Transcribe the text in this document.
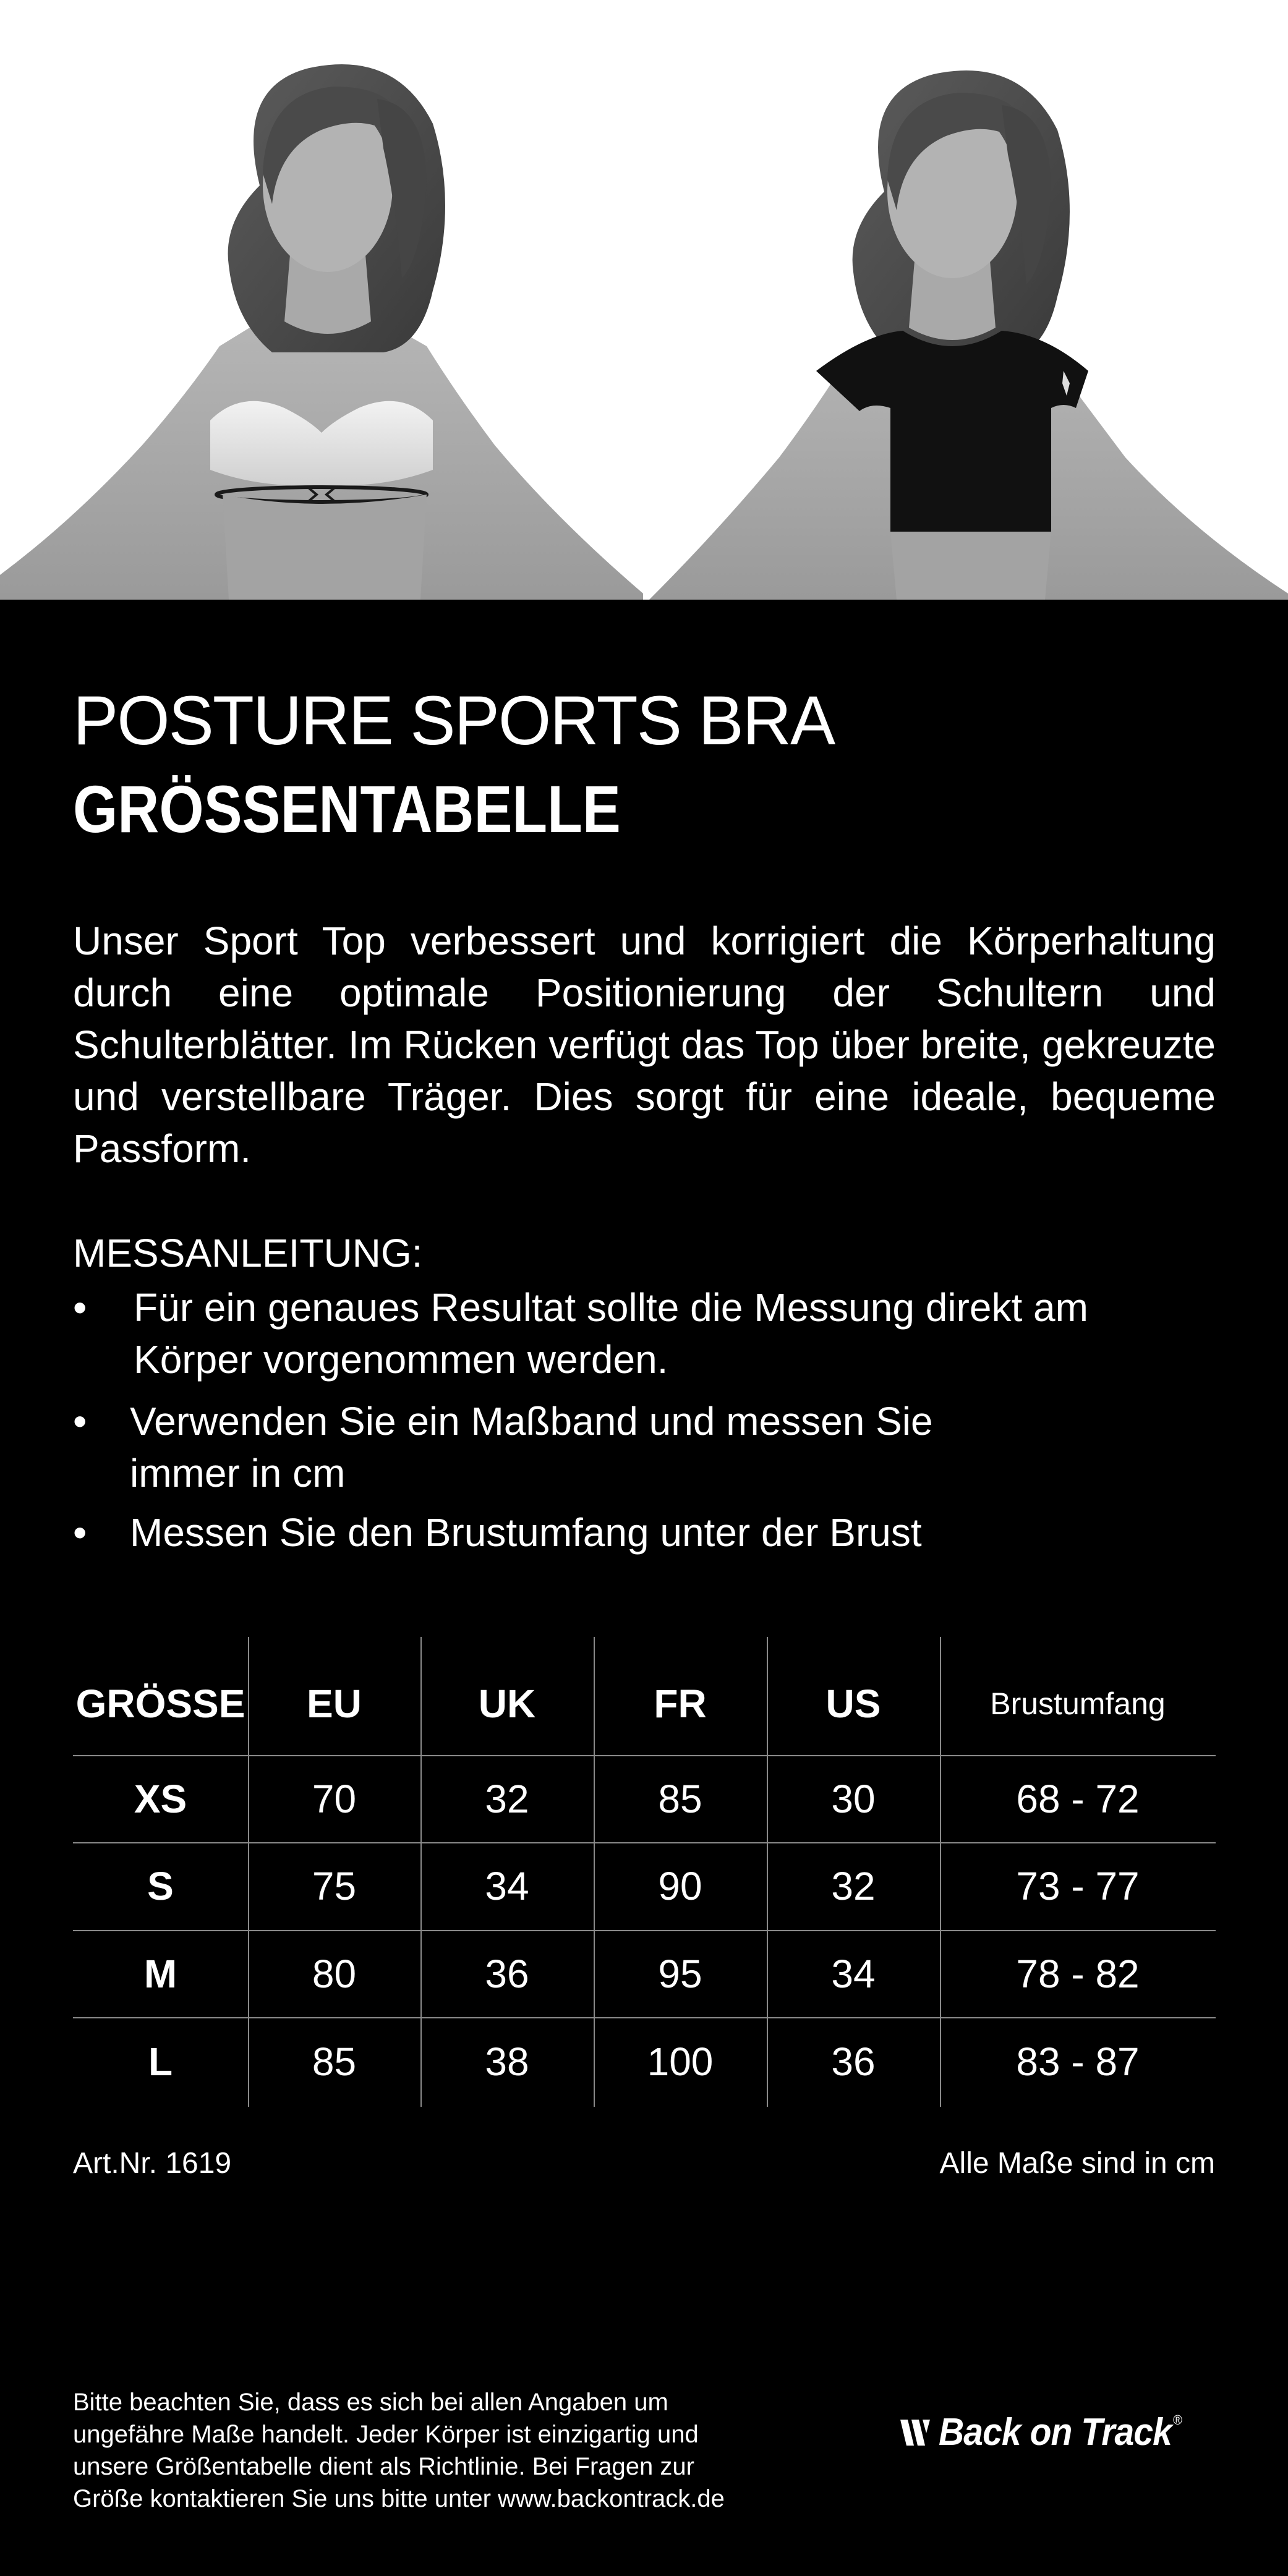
POSTURE SPORTS BRA
GRÖSSENTABELLE
Unser Sport Top verbessert und korrigiert die Körperhaltung durch eine optimale Positionierung der Schultern und Schulterblätter. Im Rücken verfügt das Top über breite, gekreuzte und verstellbare Träger. Dies sorgt für eine ideale, bequeme Passform.
MESSANLEITUNG:
• Für ein genaues Resultat sollte die Messung direkt am
Körper vorgenommen werden.
• Verwenden Sie ein Maßband und messen Sie
immer in cm
• Messen Sie den Brustumfang unter der Brust
GRÖSSE	EU	UK	FR	US	Brustumfang
XS	70	32	85	30	68 - 72
S	75	34	90	32	73 - 77
M	80	36	95	34	78 - 82
L	85	38	100	36	83 - 87
Art.Nr. 1619	Alle Maße sind in cm
Bitte beachten Sie, dass es sich bei allen Angaben um
ungefähre Maße handelt. Jeder Körper ist einzigartig und
unsere Größentabelle dient als Richtlinie. Bei Fragen zur
Größe kontaktieren Sie uns bitte unter www.backontrack.de
Back on Track®
